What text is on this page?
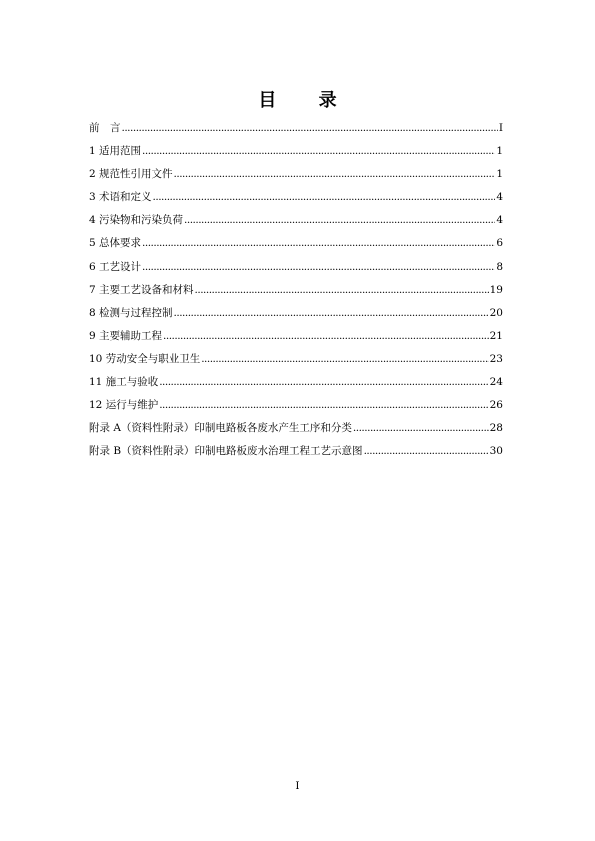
目 录
前　言 .....	I
1 适用范围 .....	1
2 规范性引用文件 .....	1
3 术语和定义 .....	4
4 污染物和污染负荷 .....	4
5 总体要求 .....	6
6 工艺设计 .....	8
7 主要工艺设备和材料 .....	19
8 检测与过程控制 .....	20
9 主要辅助工程 .....	21
10 劳动安全与职业卫生 .....	23
11 施工与验收 .....	24
12 运行与维护 .....	26
附录 A（资料性附录）印制电路板各废水产生工序和分类 .....	28
附录 B（资料性附录）印制电路板废水治理工程工艺示意图 .....	30
I
